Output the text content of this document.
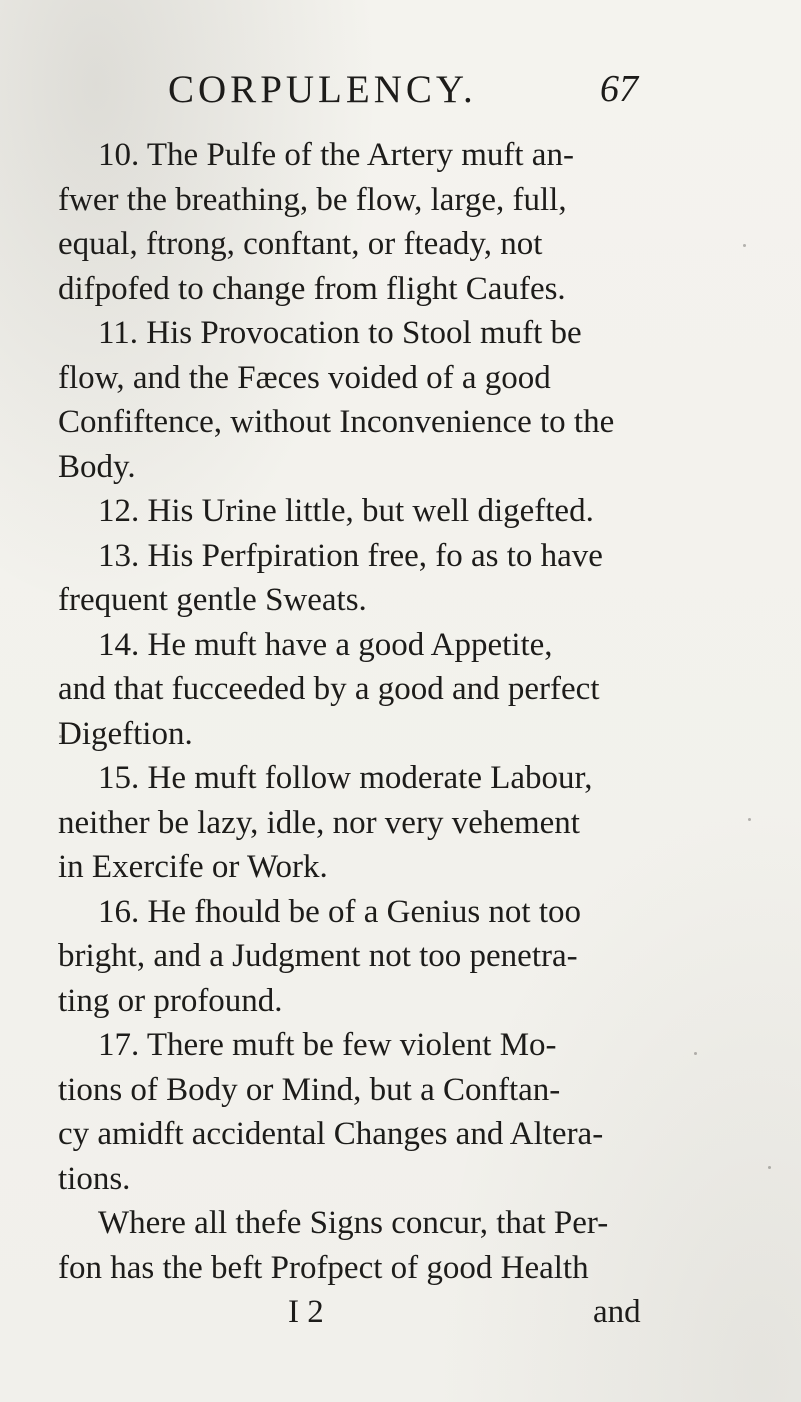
CORPULENCY.	67
10. The Pulfe of the Artery muft an-
fwer the breathing, be flow, large, full,
equal, ftrong, conftant, or fteady, not
difpofed to change from flight Caufes.
11. His Provocation to Stool muft be
flow, and the Fæces voided of a good
Confiftence, without Inconvenience to the
Body.
12. His Urine little, but well digefted.
13. His Perfpiration free, fo as to have
frequent gentle Sweats.
14. He muft have a good Appetite,
and that fucceeded by a good and perfect
Digeftion.
15. He muft follow moderate Labour,
neither be lazy, idle, nor very vehement
in Exercife or Work.
16. He fhould be of a Genius not too
bright, and a Judgment not too penetra-
ting or profound.
17. There muft be few violent Mo-
tions of Body or Mind, but a Conftan-
cy amidft accidental Changes and Altera-
tions.
Where all thefe Signs concur, that Per-
fon has the beft Profpect of good Health
I 2	and
